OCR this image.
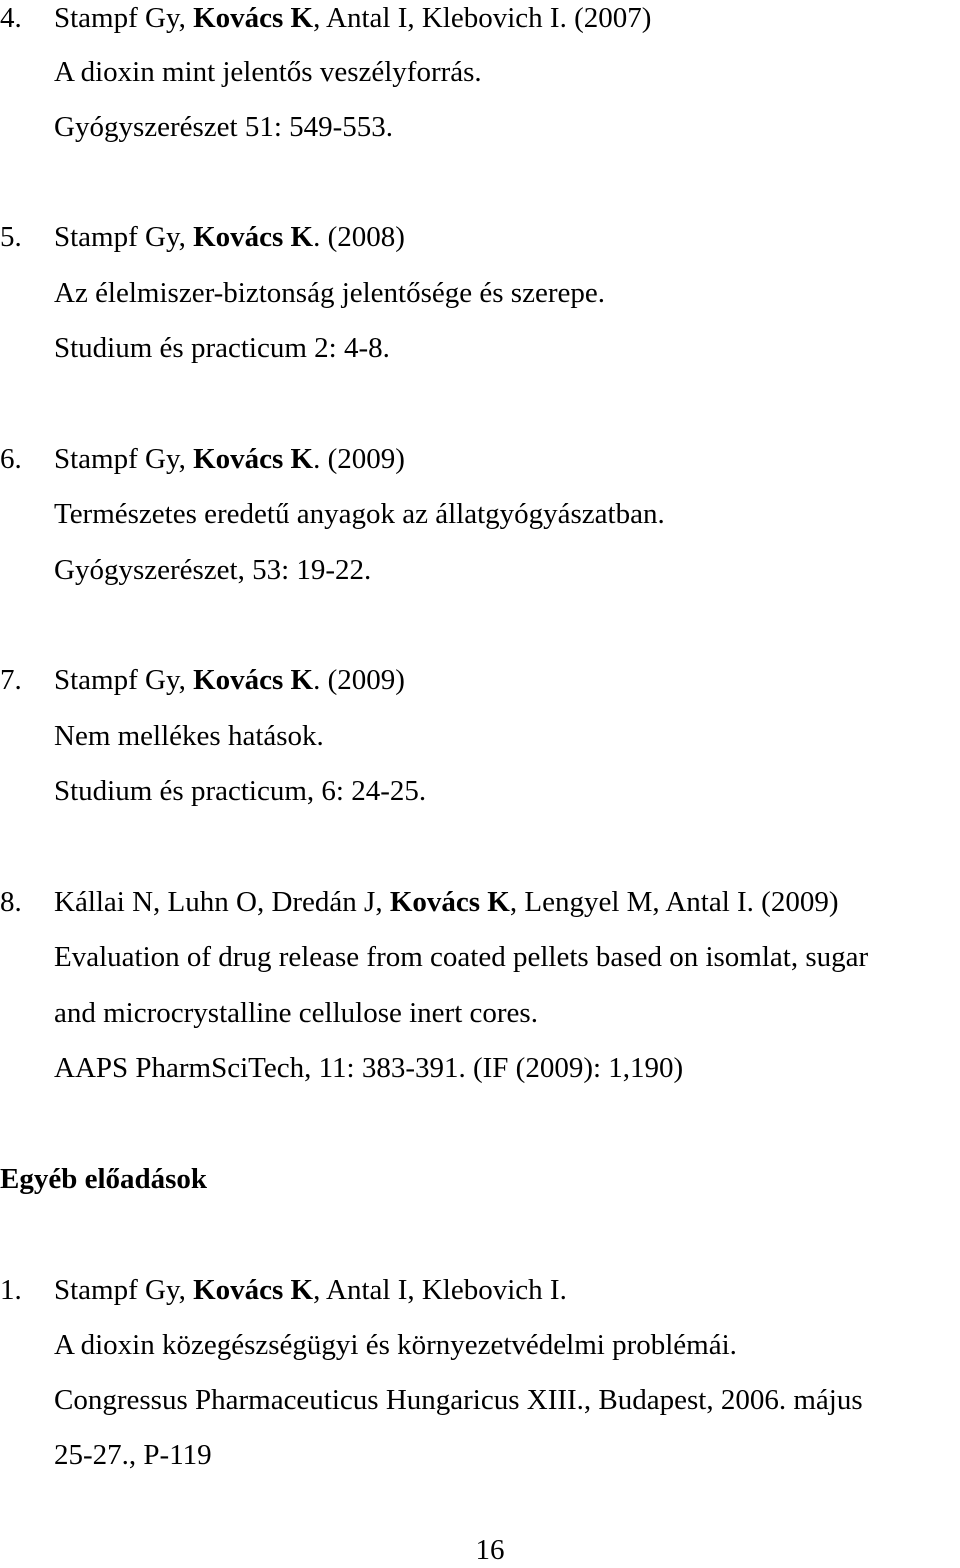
4. Stampf Gy, Kovács K, Antal I, Klebovich I. (2007)
A dioxin mint jelentős veszélyforrás.
Gyógyszerészet 51: 549-553.
5. Stampf Gy, Kovács K. (2008)
Az élelmiszer-biztonság jelentősége és szerepe.
Studium és practicum 2: 4-8.
6. Stampf Gy, Kovács K. (2009)
Természetes eredetű anyagok az állatgyógyászatban.
Gyógyszerészet, 53: 19-22.
7. Stampf Gy, Kovács K. (2009)
Nem mellékes hatások.
Studium és practicum, 6: 24-25.
8. Kállai N, Luhn O, Dredán J, Kovács K, Lengyel M, Antal I. (2009)
Evaluation of drug release from coated pellets based on isomlat, sugar
and microcrystalline cellulose inert cores.
AAPS PharmSciTech, 11: 383-391. (IF (2009): 1,190)
Egyéb előadások
1. Stampf Gy, Kovács K, Antal I, Klebovich I.
A dioxin közegészségügyi és környezetvédelmi problémái.
Congressus Pharmaceuticus Hungaricus XIII., Budapest, 2006. május
25-27., P-119
16
